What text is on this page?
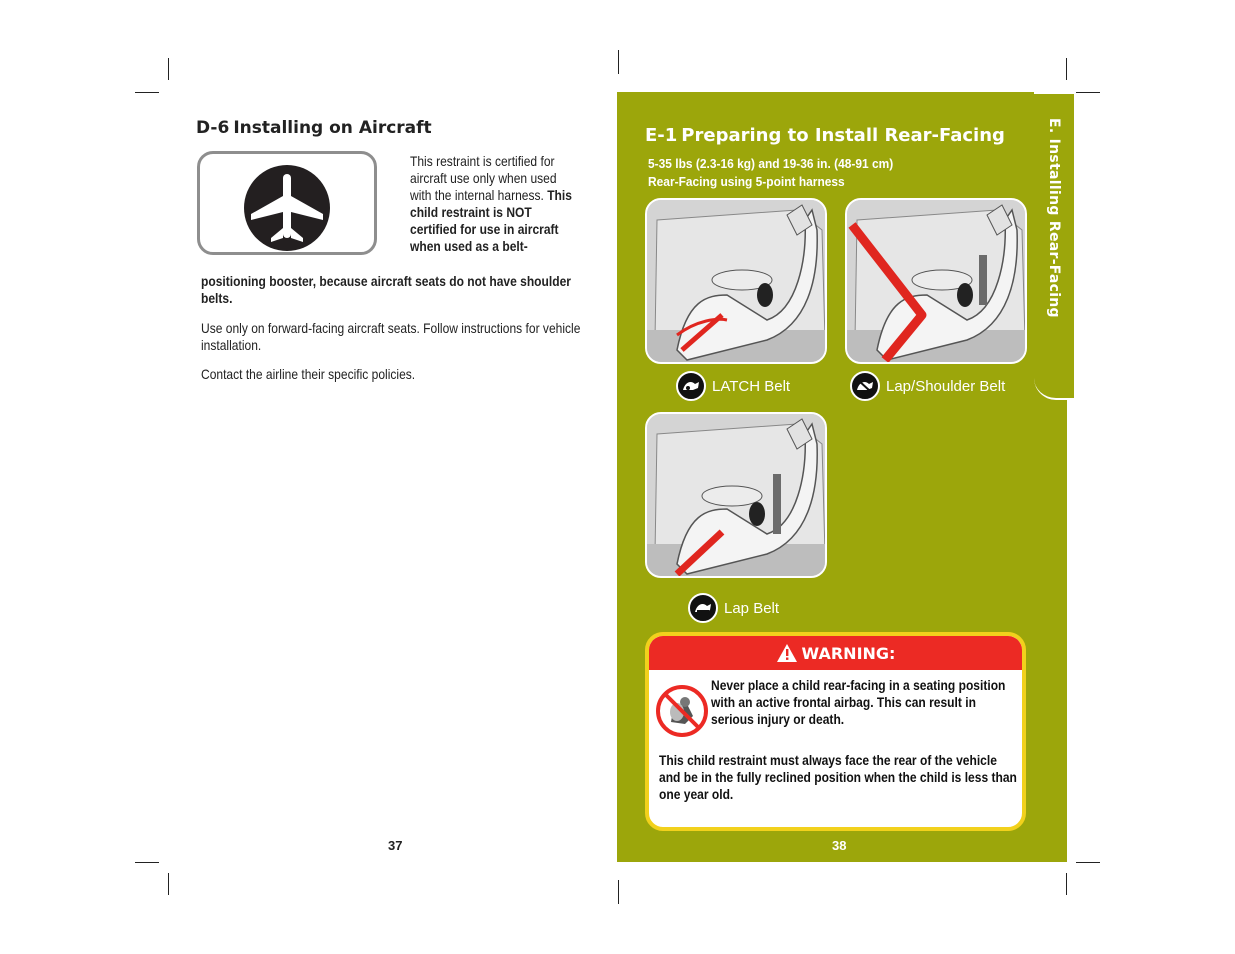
D-6 Installing on Aircraft
This restraint is certified for aircraft use only when used with the internal harness. This child restraint is NOT certified for use in aircraft when used as a belt-
positioning booster, because aircraft seats do not have shoulder belts.
Use only on forward-facing aircraft seats. Follow instructions for vehicle installation.
Contact the airline their specific policies.
37
E. Installing Rear-Facing
E-1 Preparing to Install Rear-Facing
5-35 lbs (2.3-16 kg) and 19-36 in. (48-91 cm)
Rear-Facing using 5-point harness
LATCH Belt	Lap/Shoulder Belt
Lap Belt
WARNING:
Never place a child rear-facing in a seating position with an active frontal airbag. This can result in serious injury or death.
This child restraint must always face the rear of the vehicle and be in the fully reclined position when the child is less than one year old.
38
